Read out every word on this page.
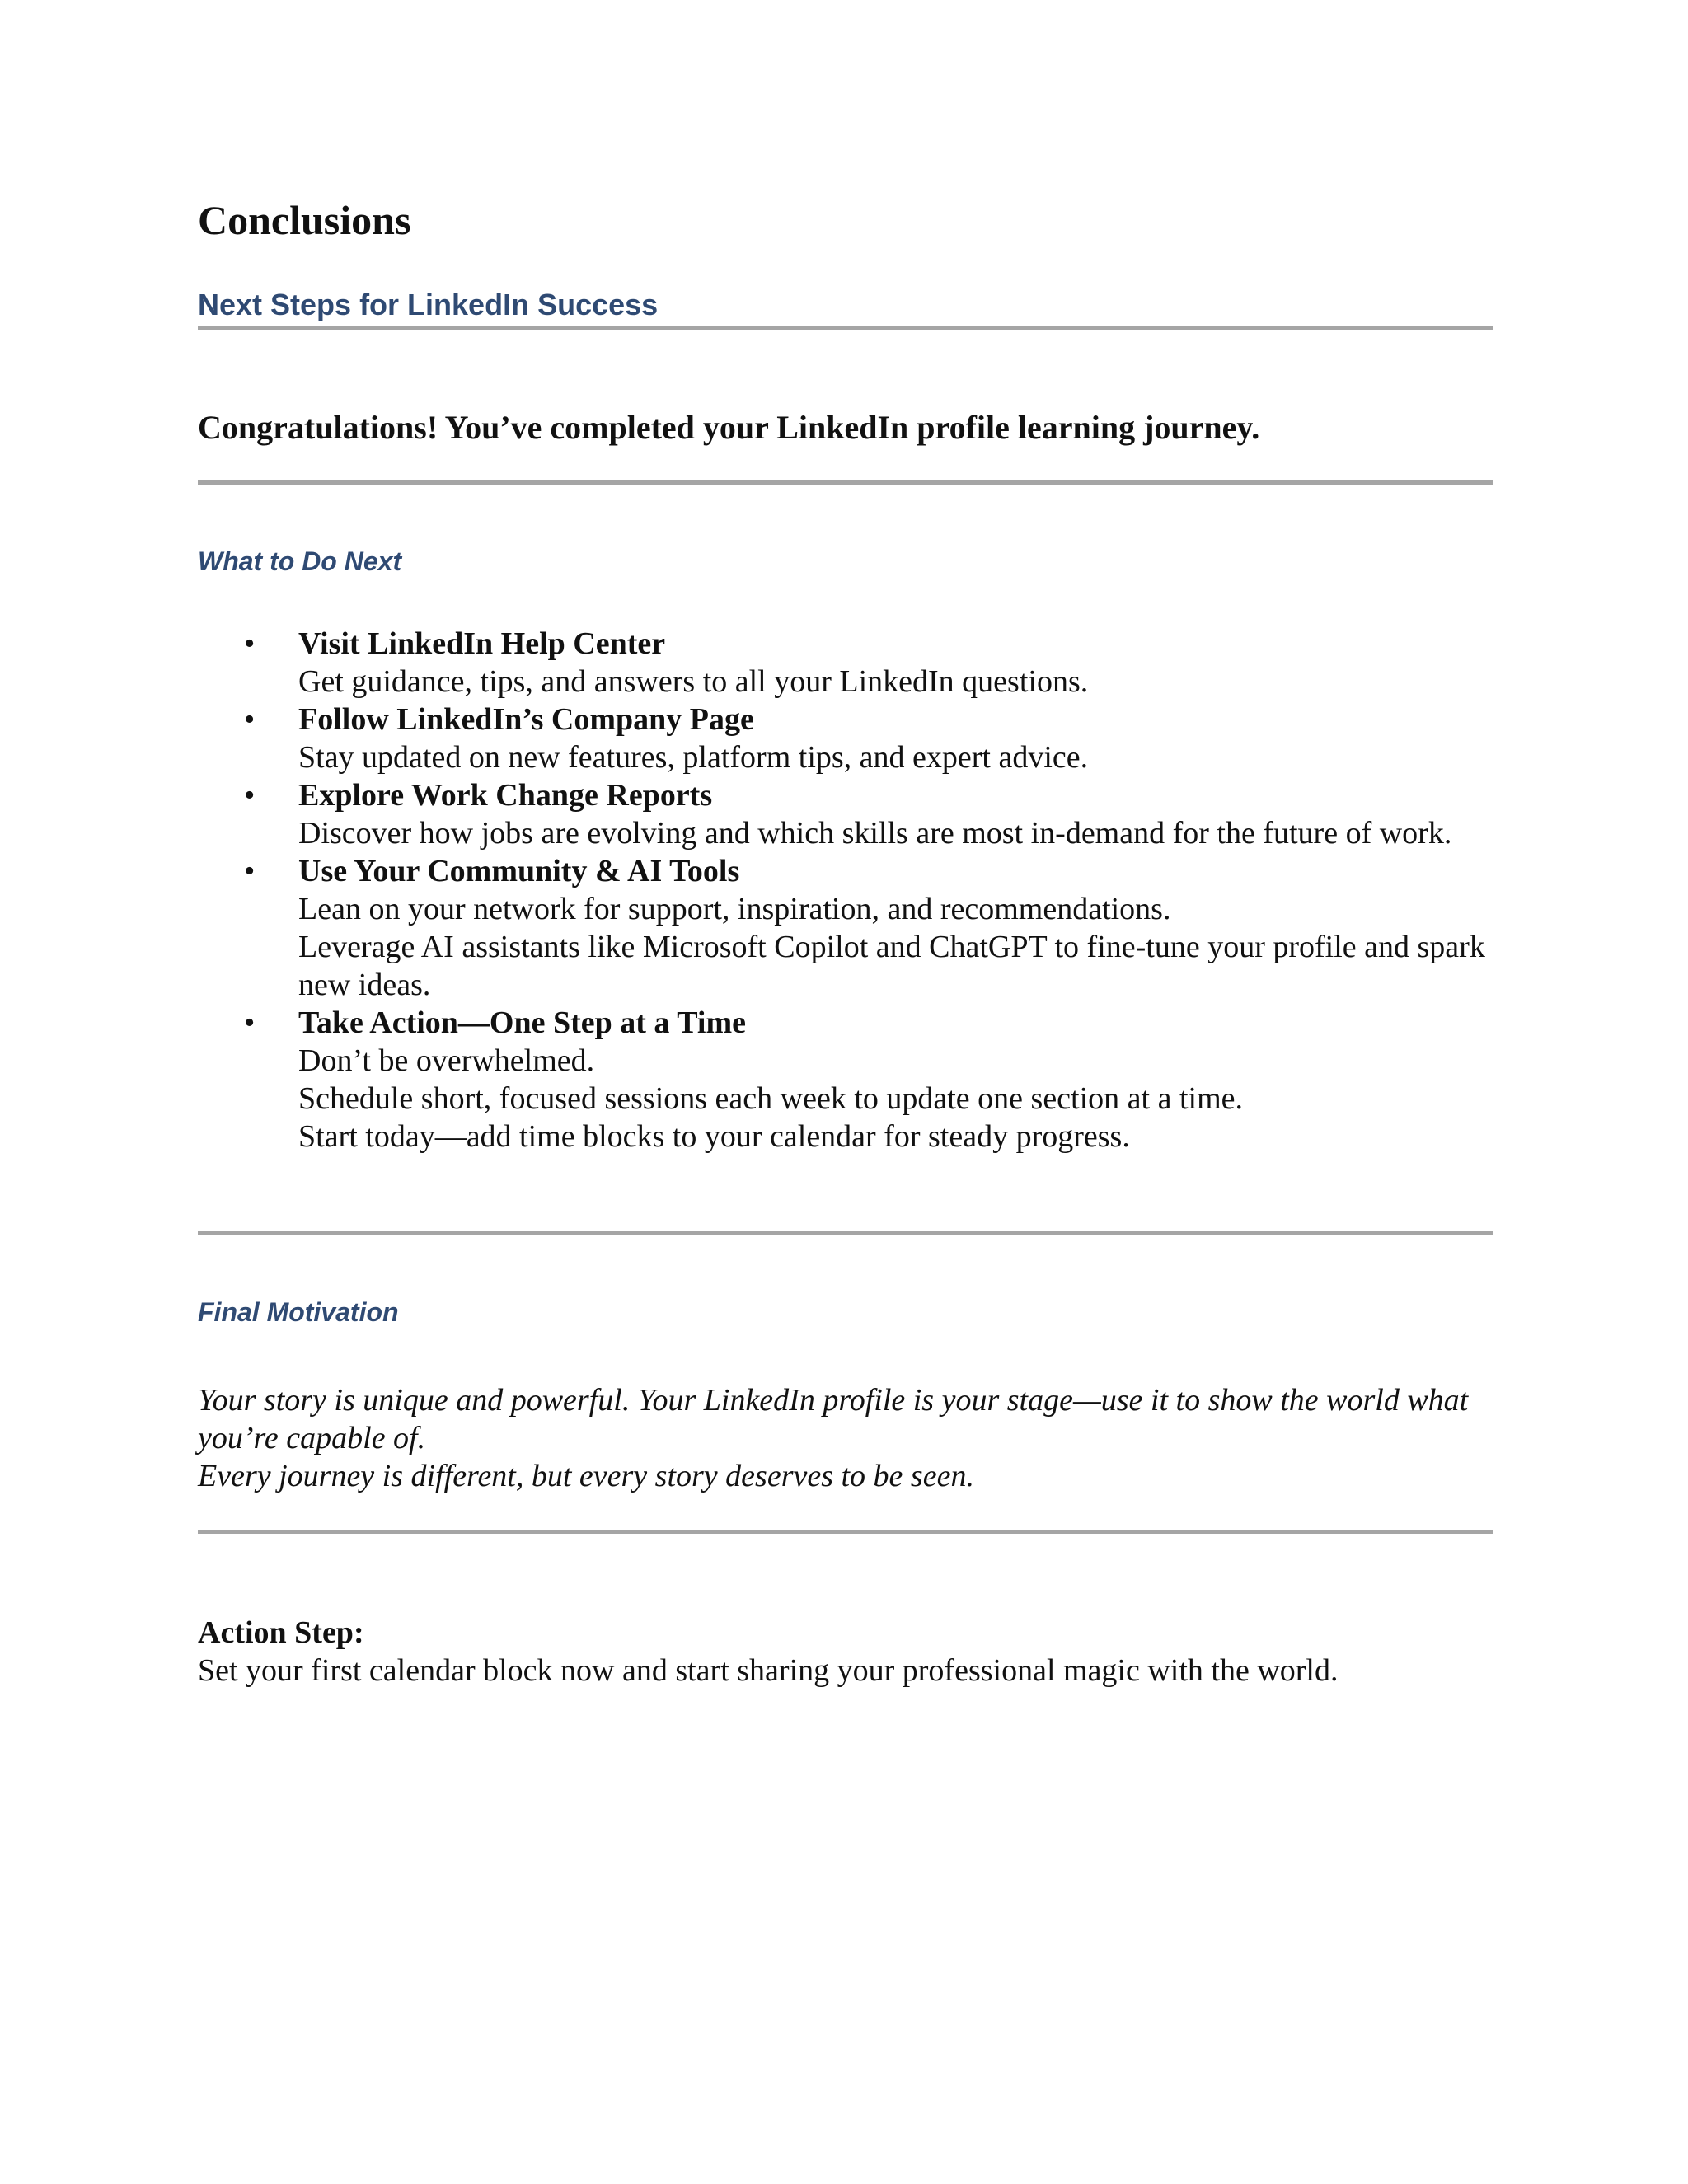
Conclusions
Next Steps for LinkedIn Success

Congratulations! You’ve completed your LinkedIn profile learning journey.

What to Do Next
• Visit LinkedIn Help Center
Get guidance, tips, and answers to all your LinkedIn questions.
• Follow LinkedIn’s Company Page
Stay updated on new features, platform tips, and expert advice.
• Explore Work Change Reports
Discover how jobs are evolving and which skills are most in-demand for the future of work.
• Use Your Community & AI Tools
Lean on your network for support, inspiration, and recommendations.
Leverage AI assistants like Microsoft Copilot and ChatGPT to fine-tune your profile and spark new ideas.
• Take Action—One Step at a Time
Don’t be overwhelmed.
Schedule short, focused sessions each week to update one section at a time.
Start today—add time blocks to your calendar for steady progress.
Final Motivation

Your story is unique and powerful. Your LinkedIn profile is your stage—use it to show the world what you’re capable of.
Every journey is different, but every story deserves to be seen.

Action Step:

Set your first calendar block now and start sharing your professional magic with the world.
